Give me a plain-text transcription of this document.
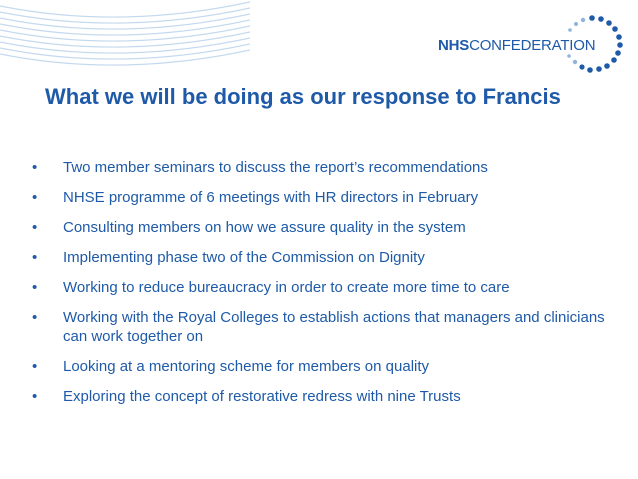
NHSCONFEDERATION
What we will be doing as our response to Francis
• Two member seminars to discuss the report’s recommendations
• NHSE programme of 6 meetings with HR directors in February
• Consulting members on how we assure quality in the system
• Implementing phase two of the Commission on Dignity
• Working to reduce bureaucracy in order to create more time to care
• Working with the Royal Colleges to establish actions that managers and clinicians can work together on
• Looking at a mentoring scheme for members on quality
• Exploring the concept of restorative redress with nine Trusts
